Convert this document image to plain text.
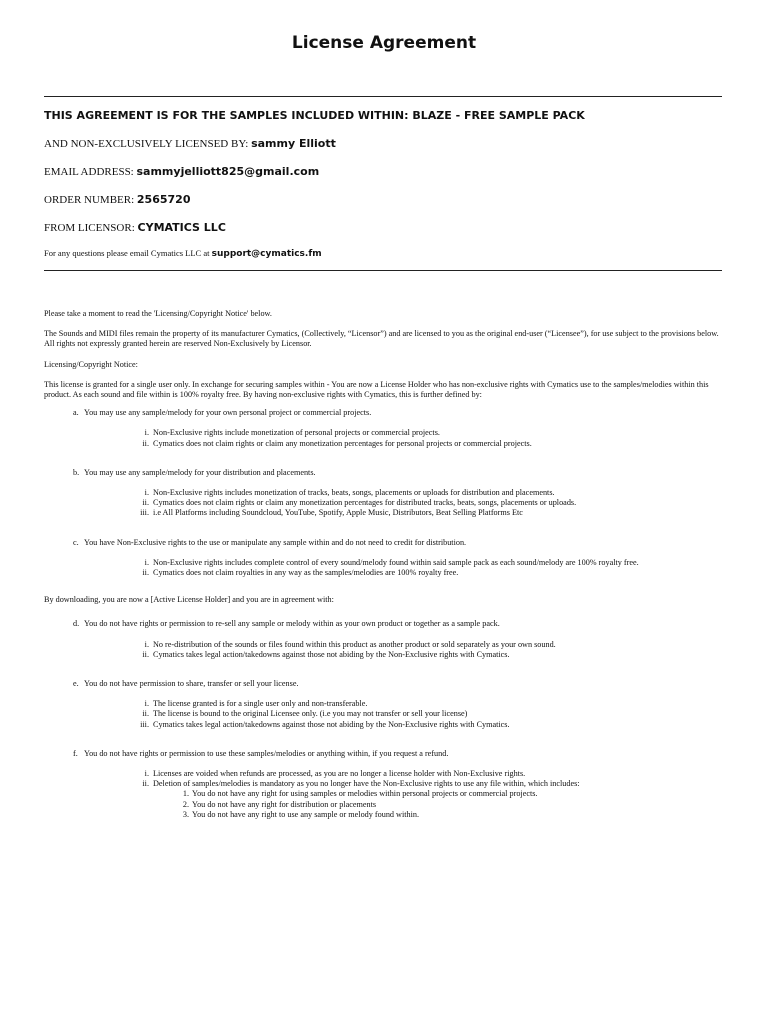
License Agreement
THIS AGREEMENT IS FOR THE SAMPLES INCLUDED WITHIN: BLAZE - FREE SAMPLE PACK
AND NON-EXCLUSIVELY LICENSED BY: sammy Elliott
EMAIL ADDRESS: sammyjelliott825@gmail.com
ORDER NUMBER: 2565720
FROM LICENSOR: CYMATICS LLC
For any questions please email Cymatics LLC at support@cymatics.fm

Please take a moment to read the 'Licensing/Copyright Notice' below.

The Sounds and MIDI files remain the property of its manufacturer Cymatics, (Collectively, “Licensor”) and are licensed to you as the original end-user (“Licensee”), for use subject to the provisions below. All rights not expressly granted herein are reserved Non-Exclusively by Licensor.

Licensing/Copyright Notice:

This license is granted for a single user only. In exchange for securing samples within - You are now a License Holder who has non-exclusive rights with Cymatics use to the samples/melodies within this product. As each sound and file within is 100% royalty free. By having non-exclusive rights with Cymatics, this is further defined by:

a. You may use any sample/melody for your own personal project or commercial projects.
i. Non-Exclusive rights include monetization of personal projects or commercial projects.
ii. Cymatics does not claim rights or claim any monetization percentages for personal projects or commercial projects.
b. You may use any sample/melody for your distribution and placements.
i. Non-Exclusive rights includes monetization of tracks, beats, songs, placements or uploads for distribution and placements.
ii. Cymatics does not claim rights or claim any monetization percentages for distributed tracks, beats, songs, placements or uploads.
iii. i.e All Platforms including Soundcloud, YouTube, Spotify, Apple Music, Distributors, Beat Selling Platforms Etc
c. You have Non-Exclusive rights to the use or manipulate any sample within and do not need to credit for distribution.
i. Non-Exclusive rights includes complete control of every sound/melody found within said sample pack as each sound/melody are 100% royalty free.
ii. Cymatics does not claim royalties in any way as the samples/melodies are 100% royalty free.

By downloading, you are now a [Active License Holder] and you are in agreement with:

d. You do not have rights or permission to re-sell any sample or melody within as your own product or together as a sample pack.
i. No re-distribution of the sounds or files found within this product as another product or sold separately as your own sound.
ii. Cymatics takes legal action/takedowns against those not abiding by the Non-Exclusive rights with Cymatics.
e. You do not have permission to share, transfer or sell your license.
i. The license granted is for a single user only and non-transferable.
ii. The license is bound to the original Licensee only. (i.e you may not transfer or sell your license)
iii. Cymatics takes legal action/takedowns against those not abiding by the Non-Exclusive rights with Cymatics.
f. You do not have rights or permission to use these samples/melodies or anything within, if you request a refund.
i. Licenses are voided when refunds are processed, as you are no longer a license holder with Non-Exclusive rights.
ii. Deletion of samples/melodies is mandatory as you no longer have the Non-Exclusive rights to use any file within, which includes:
1. You do not have any right for using samples or melodies within personal projects or commercial projects.
2. You do not have any right for distribution or placements
3. You do not have any right to use any sample or melody found within.
